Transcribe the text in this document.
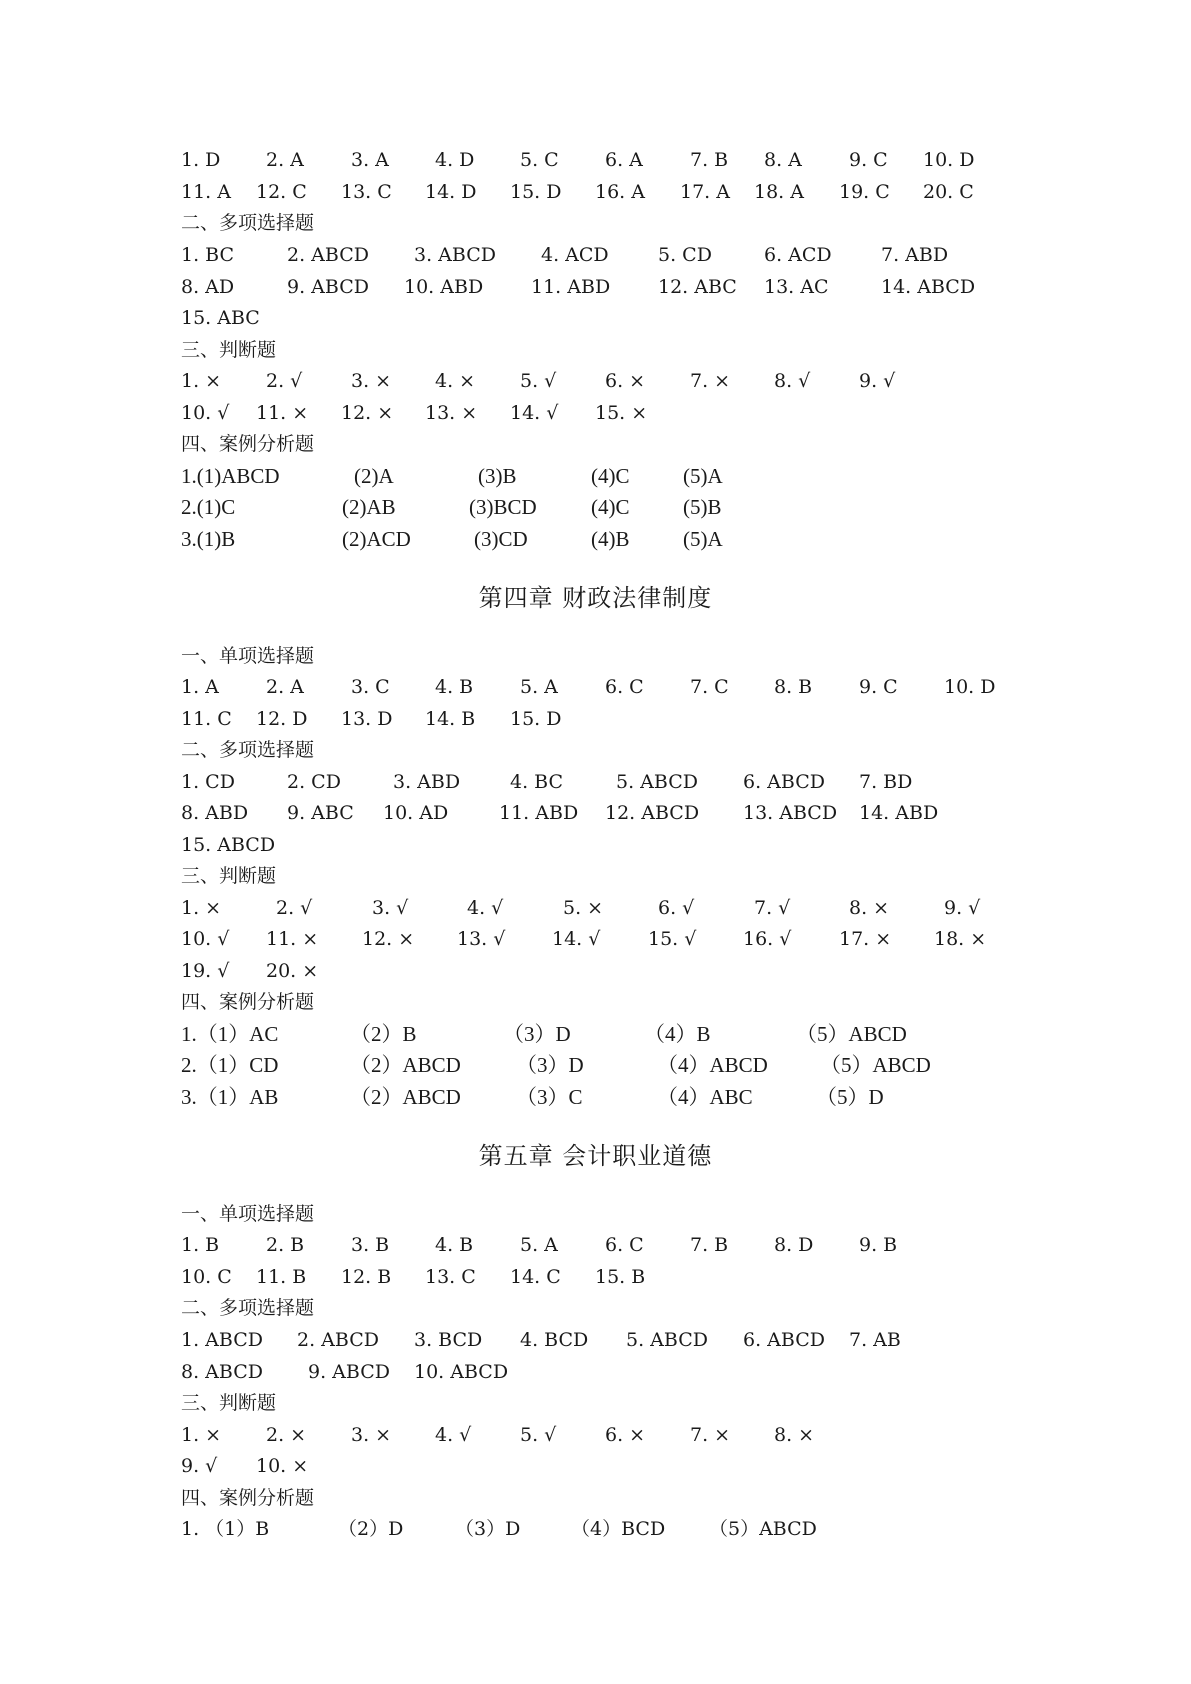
1. D 2. A 3. A 4. D 5. C 6. A 7. B 8. A 9. C 10. D
11. A 12. C 13. C 14. D 15. D 16. A 17. A 18. A 19. C 20. C
二、多项选择题
1. BC	2. ABCD 3. ABCD 4. ACD	5. CD	6. ACD	7. ABD
8. AD	9. ABCD 10. ABD	11. ABD	12. ABC 13. AC	14. ABCD
15. ABC
三、判断题
1. × 2. √	3. × 4. × 5. √	6. × 7. × 8. √	9. √
10. √ 11. × 12. × 13. × 14. √ 15. ×
四、案例分析题
1.(1)ABCD	(2)A	(3)B	(4)C	(5)A
2.(1)C	(2)AB	(3)BCD	(4)C	(5)B
3.(1)B	(2)ACD	(3)CD	(4)B	(5)A
第四章 财政法律制度
一、单项选择题
1. A 2. A 3. C 4. B 5. A 6. C 7. C 8. B 9. C 10. D
11. C 12. D 13. D 14. B 15. D
二、多项选择题
1. CD	2. CD	3. ABD	4. BC	5. ABCD 6. ABCD 7. BD
8. ABD 9. ABC 10. AD	11. ABD 12. ABCD 13. ABCD 14. ABD
15. ABCD
三、判断题
1. ×	2. √	3. √	4. √	5. ×	6. √	7. √	8. ×	9. √
10. √ 11. × 12. × 13. √ 14. √	15. √ 16. √	17. × 18. ×
19. √ 20. ×
四、案例分析题
1.（1）AC	（2）B	（3）D	（4）B	（5）ABCD
2.（1）CD	（2）ABCD	（3）D	（4）ABCD （5）ABCD
3.（1）AB	（2）ABCD	（3）C	（4）ABC	（5）D
第五章 会计职业道德
一、单项选择题
1. B 2. B 3. B 4. B 5. A 6. C 7. B 8. D 9. B
10. C 11. B 12. B 13. C 14. C 15. B
二、多项选择题
1. ABCD 2. ABCD 3. BCD 4. BCD 5. ABCD 6. ABCD 7. AB
8. ABCD 9. ABCD 10. ABCD
三、判断题
1. × 2. × 3. × 4. √	5. √	6. × 7. × 8. ×
9. √ 10. ×
四、案例分析题
1. （1）B	（2）D	（3）D	（4）BCD （5）ABCD
